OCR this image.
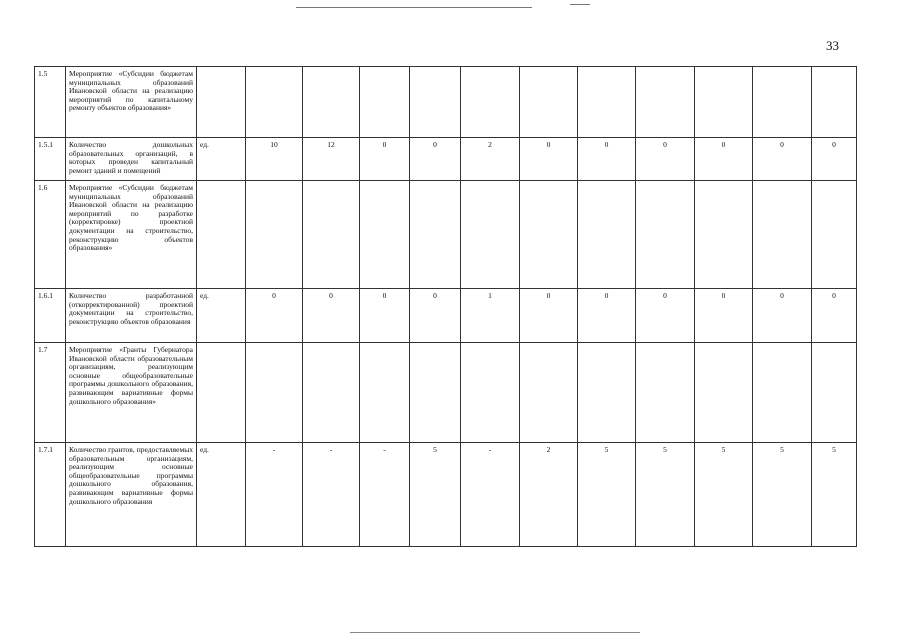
33
1.5	Мероприятие «Субсидии бюджетам муниципальных образований Ивановской области на реализацию мероприятий по капитальному ремонту объектов образования»												
1.5.1	Количество дошкольных образовательных организаций, в которых проведен капитальный ремонт зданий и помещений	ед.	10	12	0	0	2	0	0	0	0	0	0
1.6	Мероприятие «Субсидии бюджетам муниципальных образований Ивановской области на реализацию мероприятий по разработке (корректировке) проектной документации на строительство, реконструкцию объектов образования»												
1.6.1	Количество разработанной (откорректированной) проектной документации на строительство, реконструкцию объектов образования	ед.	0	0	0	0	1	0	0	0	0	0	0
1.7	Мероприятие «Гранты Губернатора Ивановской области образовательным организациям, реализующим основные общеобразовательные программы дошкольного образования, развивающим вариативные формы дошкольного образования»												
1.7.1	Количество грантов, предоставляемых образовательным организациям, реализующим основные общеобразовательные программы дошкольного образования, развивающим вариативные формы дошкольного образования	ед.	-	-	-	5	-	2	5	5	5	5	5
